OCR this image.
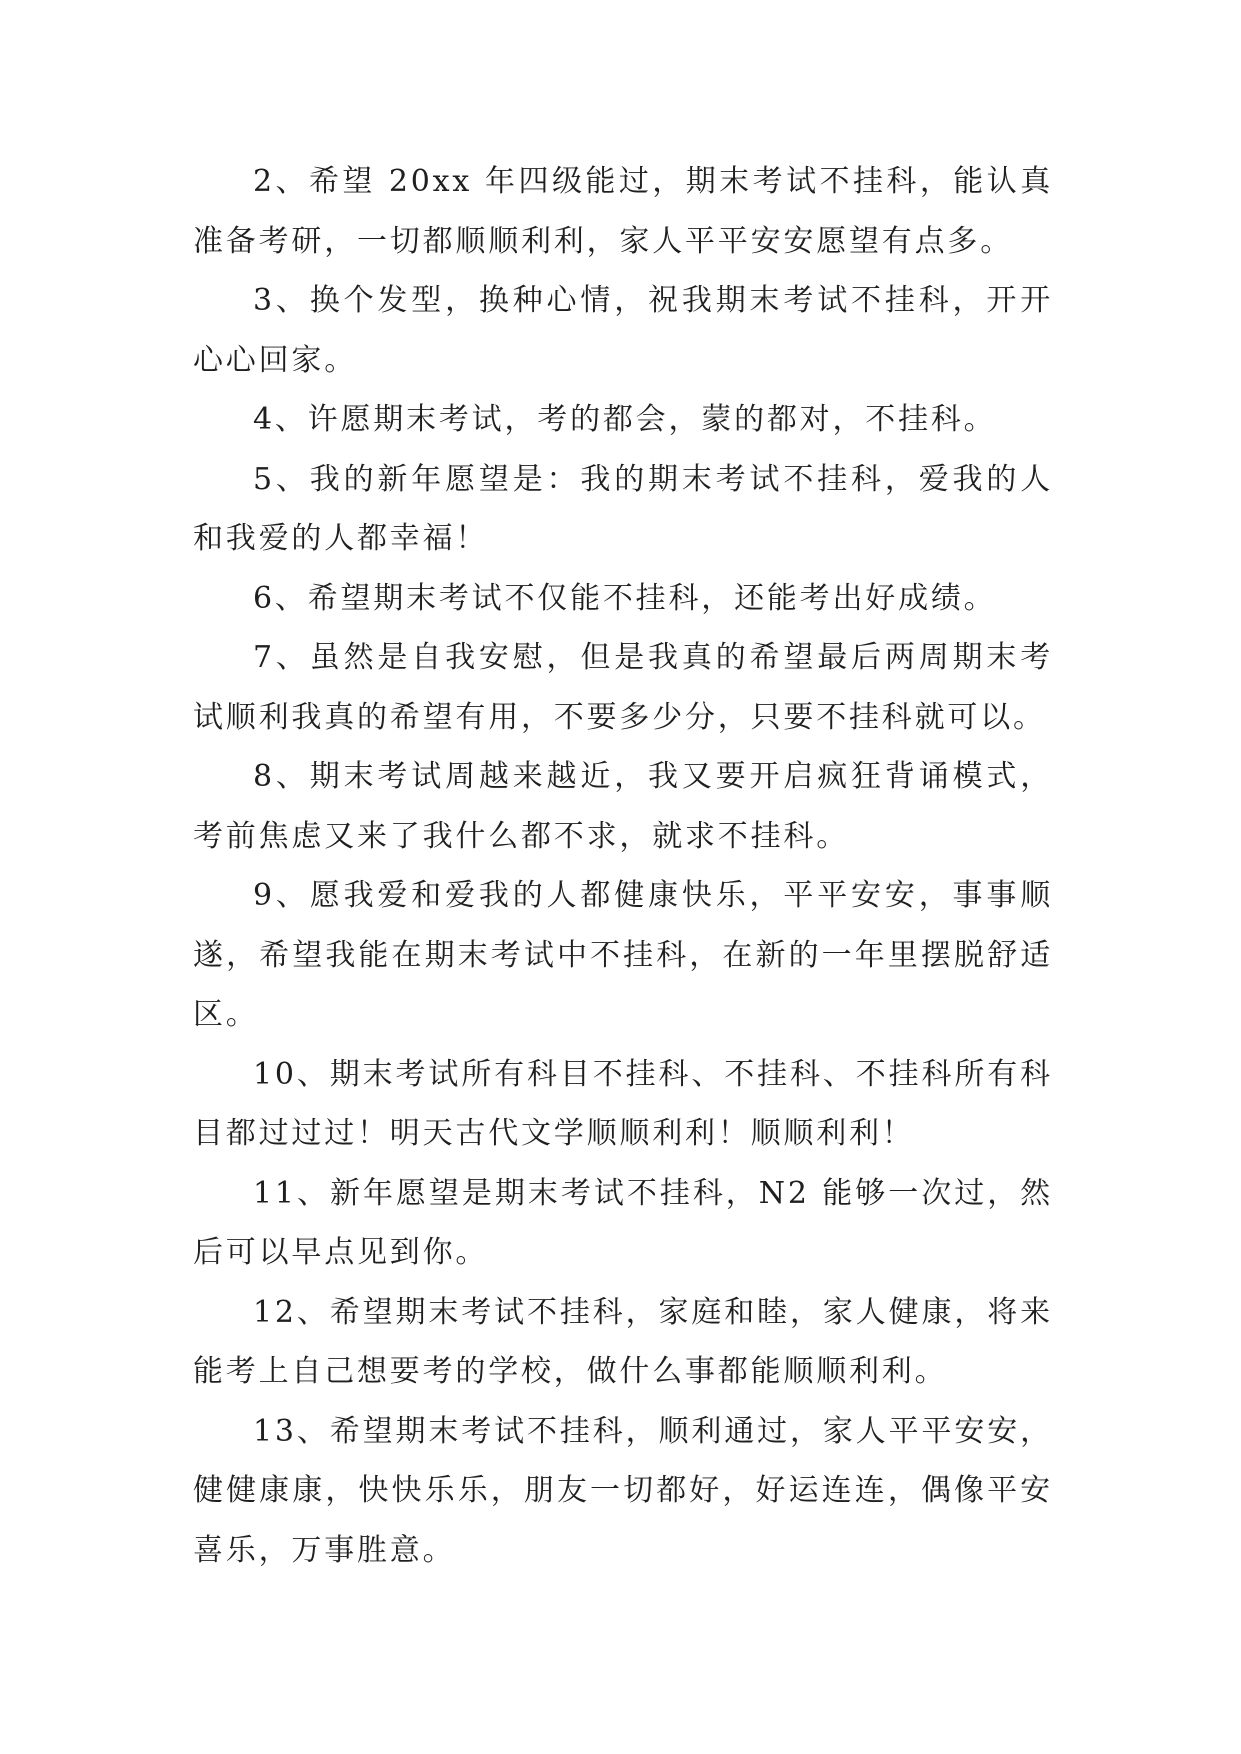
2、希望 20xx 年四级能过，期末考试不挂科，能认真准备考研，一切都顺顺利利，家人平平安安愿望有点多。

3、换个发型，换种心情，祝我期末考试不挂科，开开心心回家。

4、许愿期末考试，考的都会，蒙的都对，不挂科。

5、我的新年愿望是：我的期末考试不挂科，爱我的人和我爱的人都幸福！

6、希望期末考试不仅能不挂科，还能考出好成绩。

7、虽然是自我安慰，但是我真的希望最后两周期末考试顺利我真的希望有用，不要多少分，只要不挂科就可以。

8、期末考试周越来越近，我又要开启疯狂背诵模式，考前焦虑又来了我什么都不求，就求不挂科。

9、愿我爱和爱我的人都健康快乐，平平安安，事事顺遂，希望我能在期末考试中不挂科，在新的一年里摆脱舒适区。

10、期末考试所有科目不挂科、不挂科、不挂科所有科目都过过过！明天古代文学顺顺利利！顺顺利利！

11、新年愿望是期末考试不挂科，N2 能够一次过，然后可以早点见到你。

12、希望期末考试不挂科，家庭和睦，家人健康，将来能考上自己想要考的学校，做什么事都能顺顺利利。

13、希望期末考试不挂科，顺利通过，家人平平安安，健健康康，快快乐乐，朋友一切都好，好运连连，偶像平安喜乐，万事胜意。
